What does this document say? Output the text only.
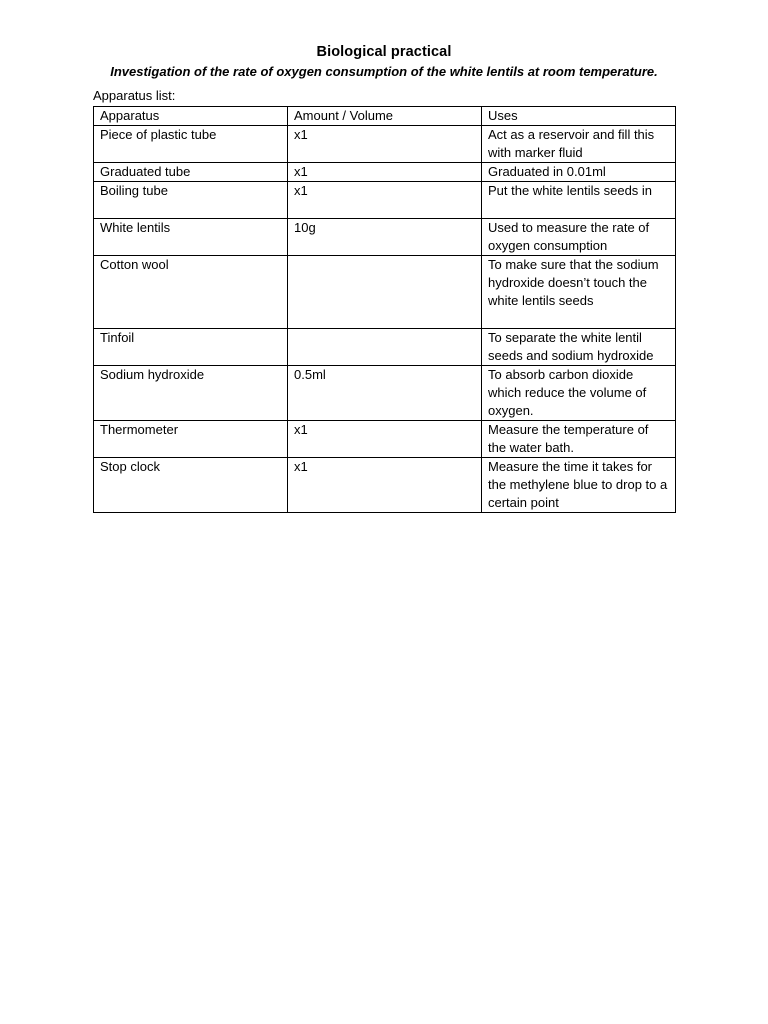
Biological practical
Investigation of the rate of oxygen consumption of the white lentils at room temperature.
Apparatus list:
Apparatus	Amount / Volume	Uses
Piece of plastic tube	x1	Act as a reservoir and fill this with marker fluid
Graduated tube	x1	Graduated in 0.01ml
Boiling tube	x1	Put the white lentils seeds in
White lentils	10g	Used to measure the rate of oxygen consumption
Cotton wool		To make sure that the sodium hydroxide doesn’t touch the white lentils seeds
Tinfoil		To separate the white lentil seeds and sodium hydroxide
Sodium hydroxide	0.5ml	To absorb carbon dioxide which reduce the volume of oxygen.
Thermometer	x1	Measure the temperature of the water bath.
Stop clock	x1	Measure the time it takes for the methylene blue to drop to a certain point
